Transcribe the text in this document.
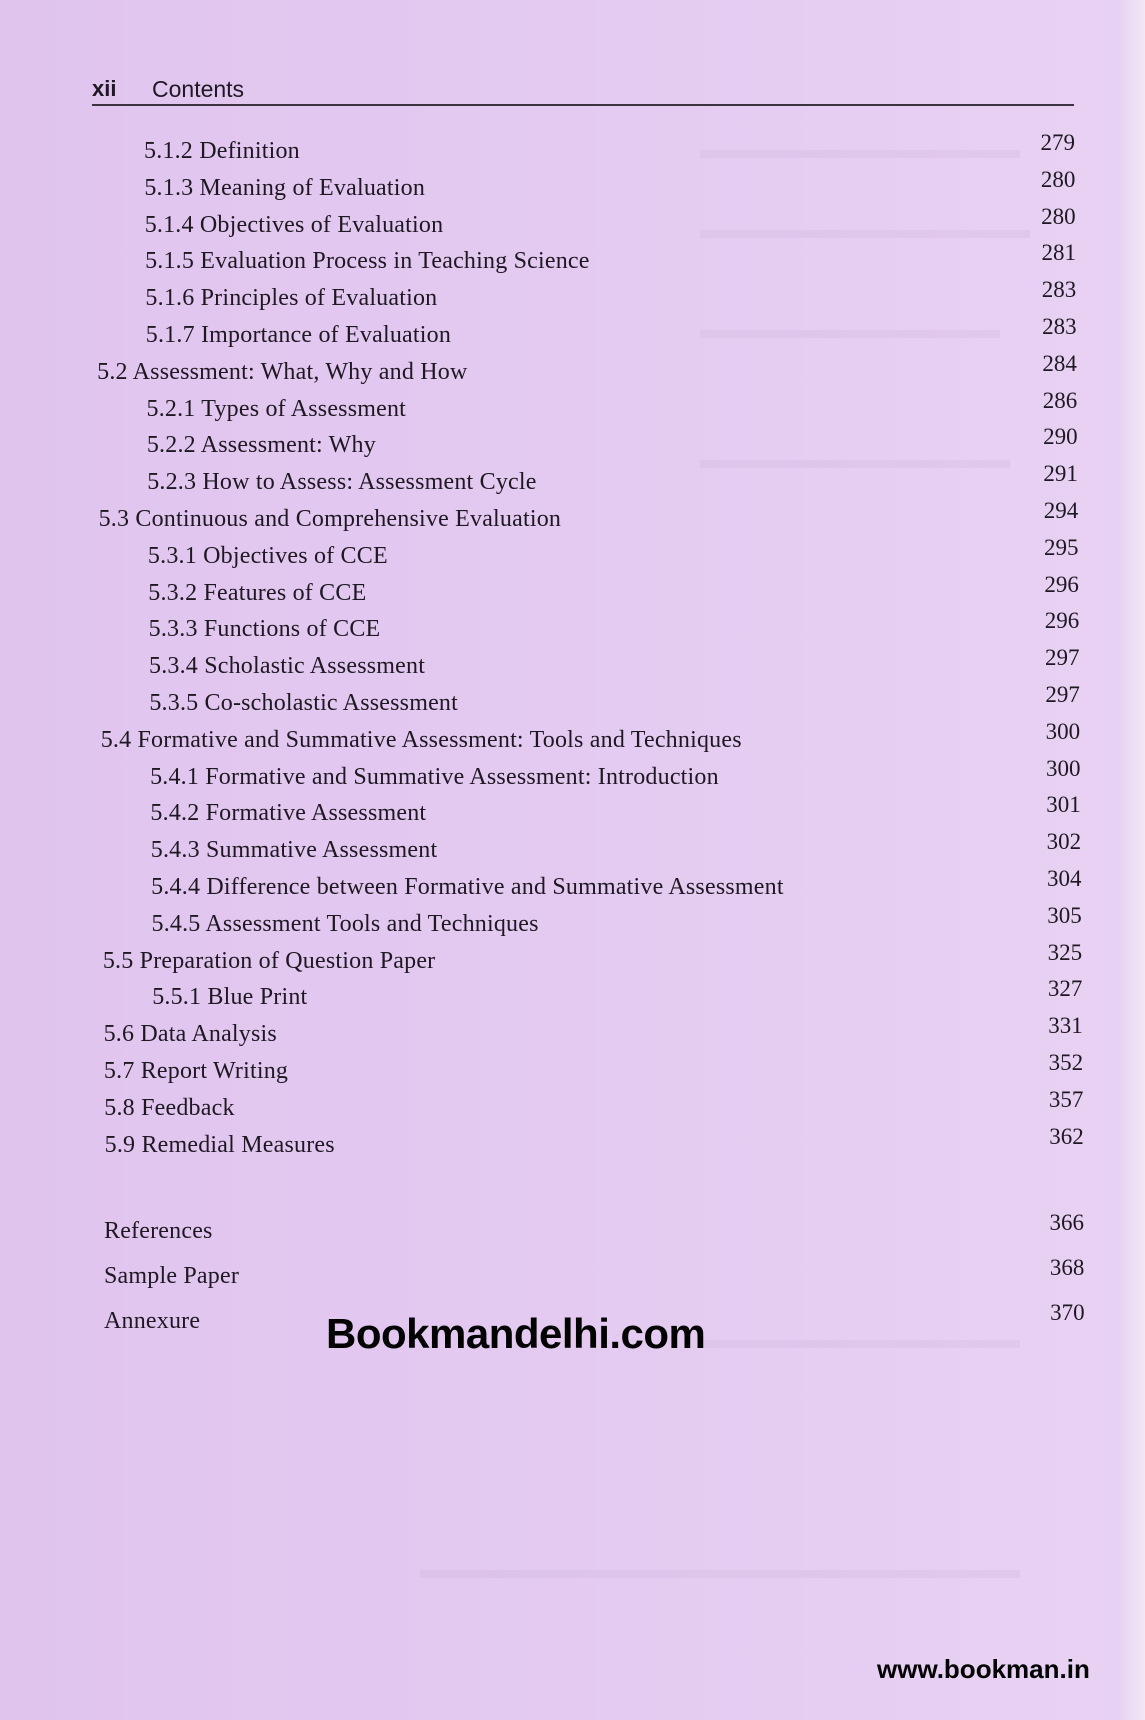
xii Contents
5.1.2 Definition	279
5.1.3 Meaning of Evaluation	280
5.1.4 Objectives of Evaluation	280
5.1.5 Evaluation Process in Teaching Science	281
5.1.6 Principles of Evaluation	283
5.1.7 Importance of Evaluation	283
5.2 Assessment: What, Why and How	284
5.2.1 Types of Assessment	286
5.2.2 Assessment: Why	290
5.2.3 How to Assess: Assessment Cycle	291
5.3 Continuous and Comprehensive Evaluation	294
5.3.1 Objectives of CCE	295
5.3.2 Features of CCE	296
5.3.3 Functions of CCE	296
5.3.4 Scholastic Assessment	297
5.3.5 Co-scholastic Assessment	297
5.4 Formative and Summative Assessment: Tools and Techniques	300
5.4.1 Formative and Summative Assessment: Introduction	300
5.4.2 Formative Assessment	301
5.4.3 Summative Assessment	302
5.4.4 Difference between Formative and Summative Assessment	304
5.4.5 Assessment Tools and Techniques	305
5.5 Preparation of Question Paper	325
5.5.1 Blue Print	327
5.6 Data Analysis	331
5.7 Report Writing	352
5.8 Feedback	357
5.9 Remedial Measures	362
References	366
Sample Paper	368
Annexure	370
Bookmandelhi.com
www.bookman.in
